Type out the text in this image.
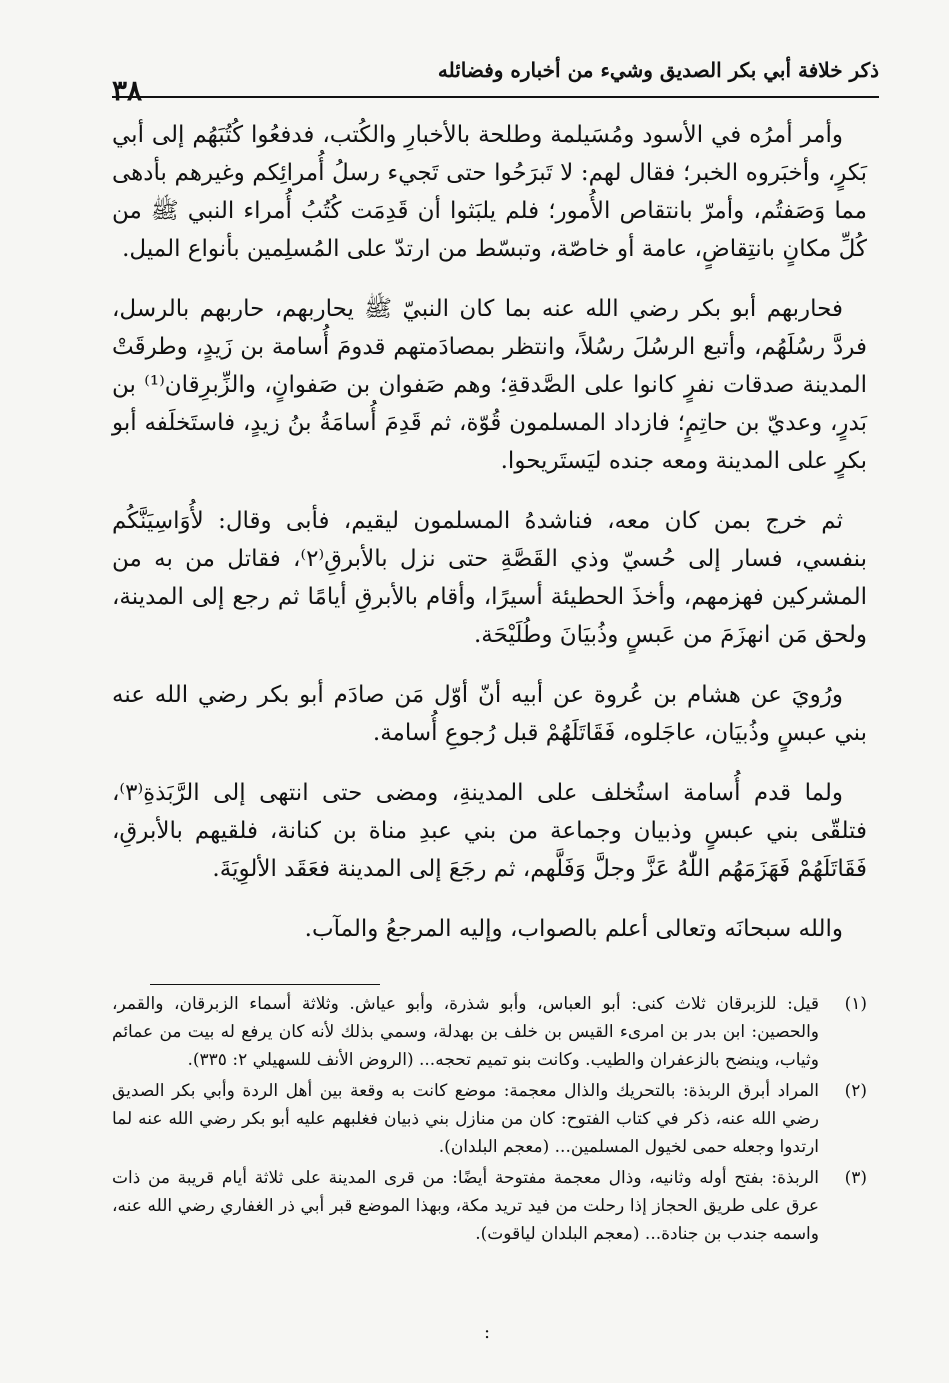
ذكر خلافة أبي بكر الصديق وشيء من أخباره وفضائله
٣٨

وأمر أمرُه في الأسود ومُسَيلمة وطلحة بالأخبارِ والكُتب، فدفعُوا كُتُبَهُم إلى أبي بَكرٍ، وأخبَروه الخبر؛ فقال لهم: لا تَبرَحُوا حتى تَجيء رسلُ أُمرائِكم وغيرهم بأدهى مما وَصَفتُم، وأمرّ بانتقاص الأُمور؛ فلم يلبَثوا أن قَدِمَت كُتُبُ أُمراء النبي ﷺ من كُلِّ مكانٍ بانتِقاضٍ، عامة أو خاصّة، وتبسّط من ارتدّ على المُسلِمين بأنواع الميل.

فحاربهم أبو بكر رضي الله عنه بما كان النبيّ ﷺ يحاربهم، حاربهم بالرسل، فردَّ رسُلَهُم، وأتبع الرسُلَ رسُلاً، وانتظر بمصادَمتهم قدومَ أُسامة بن زَيدٍ، وطرقَتْ المدينة صدقات نفرٍ كانوا على الصَّدقةِ؛ وهم صَفوان بن صَفوانٍ، والزِّبرِقان⁽¹⁾ بن بَدرٍ، وعديّ بن حاتِمٍ؛ فازداد المسلمون قُوّة، ثم قَدِمَ أُسامَةُ بنُ زيدٍ، فاستَخلَفه أبو بكرٍ على المدينة ومعه جنده ليَستَريحوا.

ثم خرج بمن كان معه، فناشدهُ المسلمون ليقيم، فأبى وقال: لأُوَاسِيَنَّكُم بنفسي، فسار إلى حُسيّ وذي القَصَّةِ حتى نزل بالأبرقِ⁽٢⁾، فقاتل من به من المشركين فهزمهم، وأخذَ الحطيئة أسيرًا، وأقام بالأبرقِ أيامًا ثم رجع إلى المدينة، ولحق مَن انهزَمَ من عَبسٍ وذُبيَانَ وطُلَيْحَة.

ورُويَ عن هشام بن عُروة عن أبيه أنّ أوّل مَن صادَم أبو بكر رضي الله عنه بني عبسٍ وذُبيَان، عاجَلوه، فَقَاتَلَهُمْ قبل رُجوعِ أُسامة.

ولما قدم أُسامة استُخلف على المدينةِ، ومضى حتى انتهى إلى الرَّبَذةِ⁽٣⁾، فتلقّى بني عبسٍ وذبيان وجماعة من بني عبدِ مناة بن كنانة، فلقيهم بالأبرقِ، فَقَاتَلَهُمْ فَهَزَمَهُم اللّٰهُ عَزَّ وجلَّ وَفَلَّهم، ثم رجَعَ إلى المدينة فعَقَد الألوِيَةَ.

والله سبحانَه وتعالى أعلم بالصواب، وإليه المرجعُ والمآب.

(١)
قيل: للزبرقان ثلاث كنى: أبو العباس، وأبو شذرة، وأبو عياش. وثلاثة أسماء الزبرقان، والقمر، والحصين: ابن بدر بن امرىء القيس بن خلف بن بهدلة، وسمي بذلك لأنه كان يرفع له بيت من عمائم وثياب، وينضح بالزعفران والطيب. وكانت بنو تميم تحجه... (الروض الأنف للسهيلي ٢: ٣٣٥).
(٢)
المراد أبرق الربذة: بالتحريك والذال معجمة: موضع كانت به وقعة بين أهل الردة وأبي بكر الصديق رضي الله عنه، ذكر في كتاب الفتوح: كان من منازل بني ذبيان فغلبهم عليه أبو بكر رضي الله عنه لما ارتدوا وجعله حمى لخيول المسلمين... (معجم البلدان).
(٣)
الربذة: بفتح أوله وثانيه، وذال معجمة مفتوحة أيضًا: من قرى المدينة على ثلاثة أيام قريبة من ذات عرق على طريق الحجاز إذا رحلت من فيد تريد مكة، وبهذا الموضع قبر أبي ذر الغفاري رضي الله عنه، واسمه جندب بن جنادة... (معجم البلدان لياقوت).
:
